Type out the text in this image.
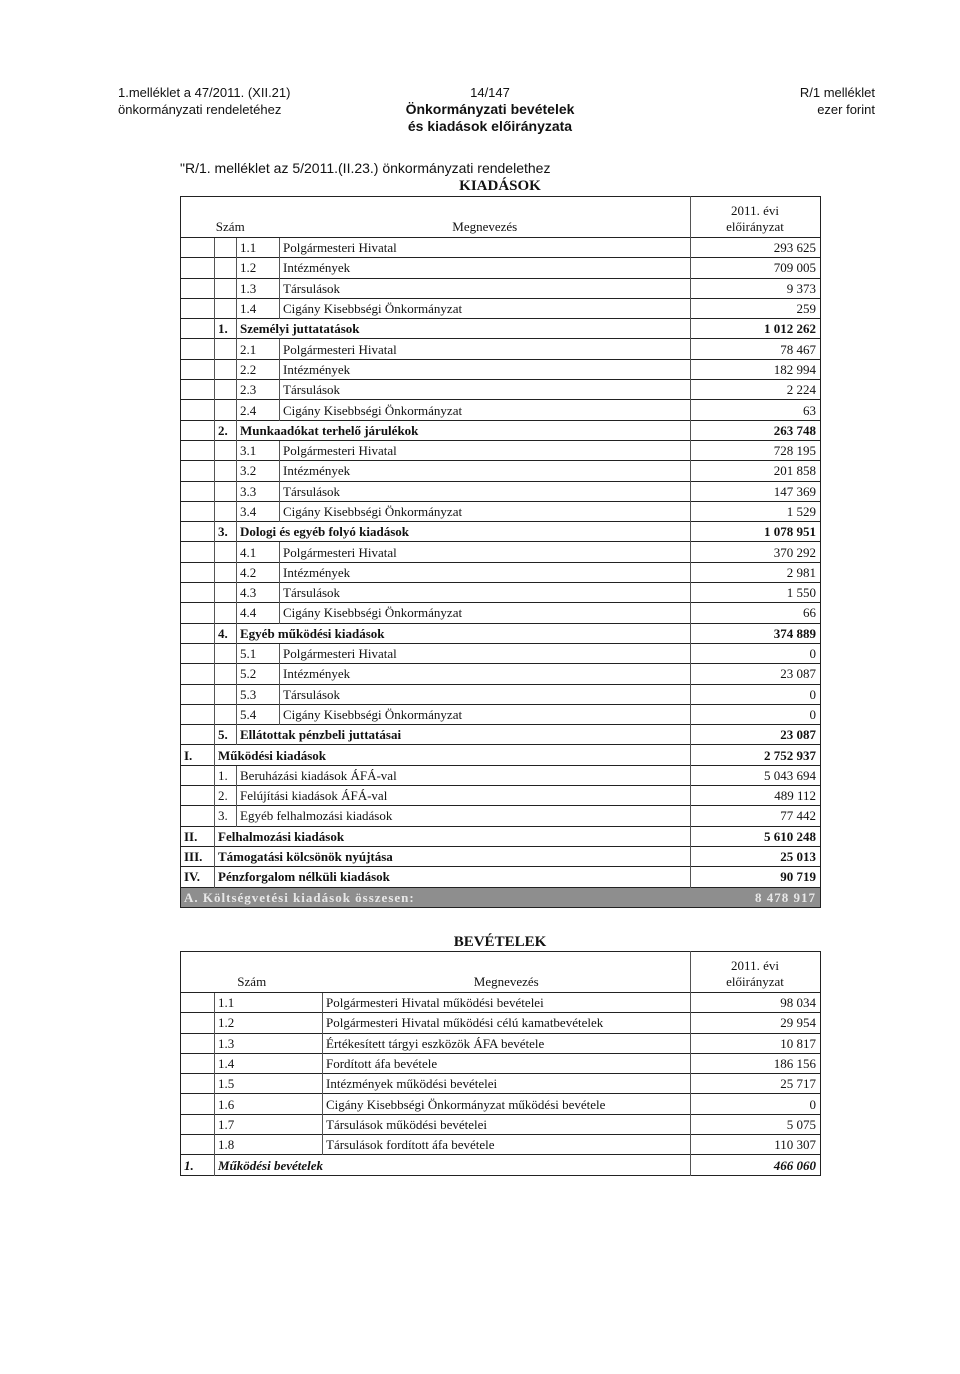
1.melléklet a 47/2011. (XII.21)
önkormányzati rendeletéhez
14/147
Önkormányzati bevételek
és kiadások előirányzata
R/1 melléklet
ezer forint
"R/1. melléklet az 5/2011.(II.23.) önkormányzati rendelethez
KIADÁSOK
Szám			Megnevezés	2011. évi
előirányzat

		1.1	Polgármesteri Hivatal	293 625
		1.2	Intézmények	709 005
		1.3	Társulások	9 373
		1.4	Cigány Kisebbségi Önkormányzat	259
	1.	Személyi juttatatások		1 012 262
		2.1	Polgármesteri Hivatal	78 467
		2.2	Intézmények	182 994
		2.3	Társulások	2 224
		2.4	Cigány Kisebbségi Önkormányzat	63
	2.	Munkaadókat terhelő járulékok		263 748
		3.1	Polgármesteri Hivatal	728 195
		3.2	Intézmények	201 858
		3.3	Társulások	147 369
		3.4	Cigány Kisebbségi Önkormányzat	1 529
	3.	Dologi és egyéb folyó kiadások		1 078 951
		4.1	Polgármesteri Hivatal	370 292
		4.2	Intézmények	2 981
		4.3	Társulások	1 550
		4.4	Cigány Kisebbségi Önkormányzat	66
	4.	Egyéb működési kiadások		374 889
		5.1	Polgármesteri Hivatal	0
		5.2	Intézmények	23 087
		5.3	Társulások	0
		5.4	Cigány Kisebbségi Önkormányzat	0
	5.	Ellátottak pénzbeli juttatásai		23 087
I.	Működési kiadások			2 752 937
	1.	Beruházási kiadások ÁFÁ-val		5 043 694
	2.	Felújítási kiadások ÁFÁ-val		489 112
	3.	Egyéb felhalmozási kiadások		77 442
II.	Felhalmozási kiadások			5 610 248
III.	Támogatási kölcsönök nyújtása			25 013
IV.	Pénzforgalom nélküli kiadások			90 719
A. Költségvetési kiadások összesen:				8 478 917
BEVÉTELEK
Szám		Megnevezés	2011. évi
előirányzat

	1.1	Polgármesteri Hivatal működési bevételei	98 034
	1.2	Polgármesteri Hivatal működési célú kamatbevételek	29 954
	1.3	Értékesített tárgyi eszközök ÁFA bevétele	10 817
	1.4	Fordított áfa bevétele	186 156
	1.5	Intézmények működési bevételei	25 717
	1.6	Cigány Kisebbségi Önkormányzat működési bevétele	0
	1.7	Társulások működési bevételei	5 075
	1.8	Társulások fordított áfa bevétele	110 307
1.	Működési bevételek		466 060
